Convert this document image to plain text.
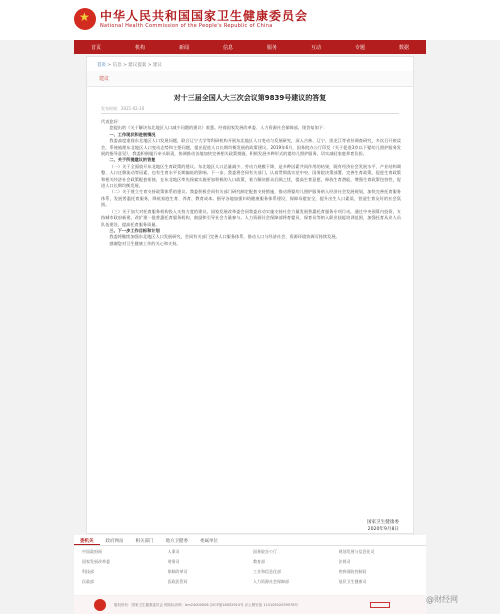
★
中华人民共和国国家卫生健康委员会
National Health Commission of the People's Republic of China
首页	机构	新闻	信息	服务	互动	专题	数据
首页 > 信息 > 建议提案 > 建议
建议
对十三届全国人大三次会议第9839号建议的答复
发布时间：2021-02-10

代表您好：

您提出的《关于解决东北地区人口减少问题的建议》收悉。经商国家发展改革委、人力资源社会保障部，现答复如下：

一、工作现状和进展情况

我委高度重视东北地区人口发展问题，联合辽宁大学等科研机构开展东北地区人口变动与发展研究，深入吉林、辽宁、黑龙江等省份调查研究，多次召开座谈会，系统梳理东北地区人口变动态势和主要问题，提出促进人口长期均衡发展的政策建议。2019年6月，国务院办公厅印发《关于促进3岁以下婴幼儿照护服务发展的指导意见》，我委积极履行牵头职责，协调推动各地加快完善相关政策措施，积极发展多种形式的婴幼儿照护服务，切实减轻家庭养育负担。

二、关于所提建议的答复

（一）关于全面放开东北地区生育政策的建议。东北地区人口总量减少、劳动力规模下降，是多种因素共同作用的结果，既有经济社会发展水平、产业结构调整、人口迁移流动等因素，也有生育水平长期偏低的影响。下一步，我委将会同有关部门，认真贯彻落实党中央、国务院决策部署，完善生育政策，促进生育政策和相关经济社会政策配套衔接，在东北地区率先探索实施更加积极的人口政策，着力解决群众后顾之忧，提高生育意愿，释放生育潜能，增强生育政策包容性，促进人口长期均衡发展。

（二）关于建立生育支持政策体系的建议。我委积极会同有关部门研究制定配套支持措施，推动将婴幼儿照护服务纳入经济社会发展规划，加快完善托育服务体系，发展普惠托育服务，降低家庭生育、养育、教育成本。指导各地加强妇幼健康服务体系建设，保障母婴安全，提升出生人口素质，营造生育友好的社会氛围。

（三）关于加大对托育服务机构投入支持力度的建议。国家发展改革委会同我委启动实施支持社会力量发展普惠托育服务专项行动，通过中央预算内投资，支持城市政府新建、改扩建一批普惠托育服务机构，鼓励和引导社会力量参与。人力资源社会保障部将育婴员、保育员等纳入职业技能培训范围，加强托育从业人员队伍建设，提高托育服务质量。

三、下一步工作目标和计划

我委将继续加强东北地区人口发展研究，会同有关部门完善人口服务体系，推动人口与经济社会、资源环境协调可持续发展。

感谢您对卫生健康工作的关心和支持。

国家卫生健康委
2020年9月8日
委机关	政府网站	相关部门	地方卫健委	委属单位
中国政府网	人事司	国务院办公厅	规划发展与信息化司
国家发展改革委	财务司	教育部	法规司
科技部	体制改革司	工业和信息化部	疾病预防控制局
民政部	医政医管局	人力资源社会保障部	基层卫生健康司
版权所有：国家卫生健康委员会 网站标识码：bm24000006 京ICP备18052910号 京公网安备 11010502039578号
@财经网
